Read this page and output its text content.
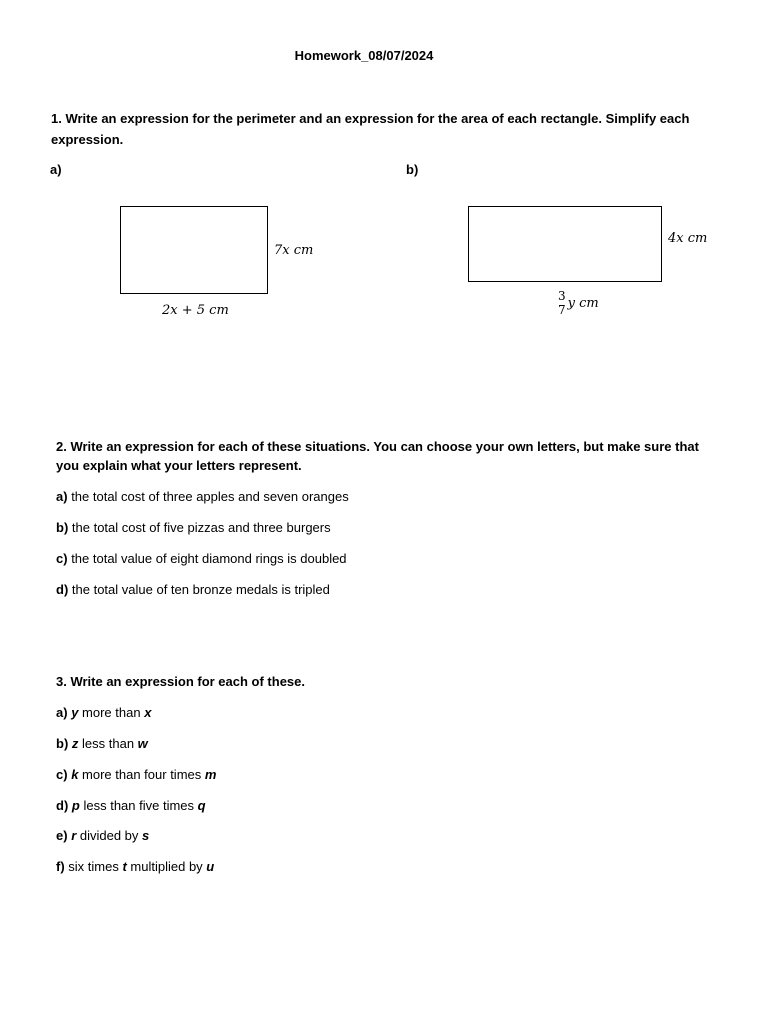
Homework_08/07/2024
1. Write an expression for the perimeter and an expression for the area of each rectangle. Simplify each expression.
a)
7x cm
2x + 5 cm
b)
4x cm
3
7 y cm
2. Write an expression for each of these situations. You can choose your own letters, but make sure that you explain what your letters represent.
a) the total cost of three apples and seven oranges
b) the total cost of five pizzas and three burgers
c) the total value of eight diamond rings is doubled
d) the total value of ten bronze medals is tripled
3. Write an expression for each of these.
a) y more than x
b) z less than w
c) k more than four times m
d) p less than five times q
e) r divided by s
f) six times t multiplied by u
